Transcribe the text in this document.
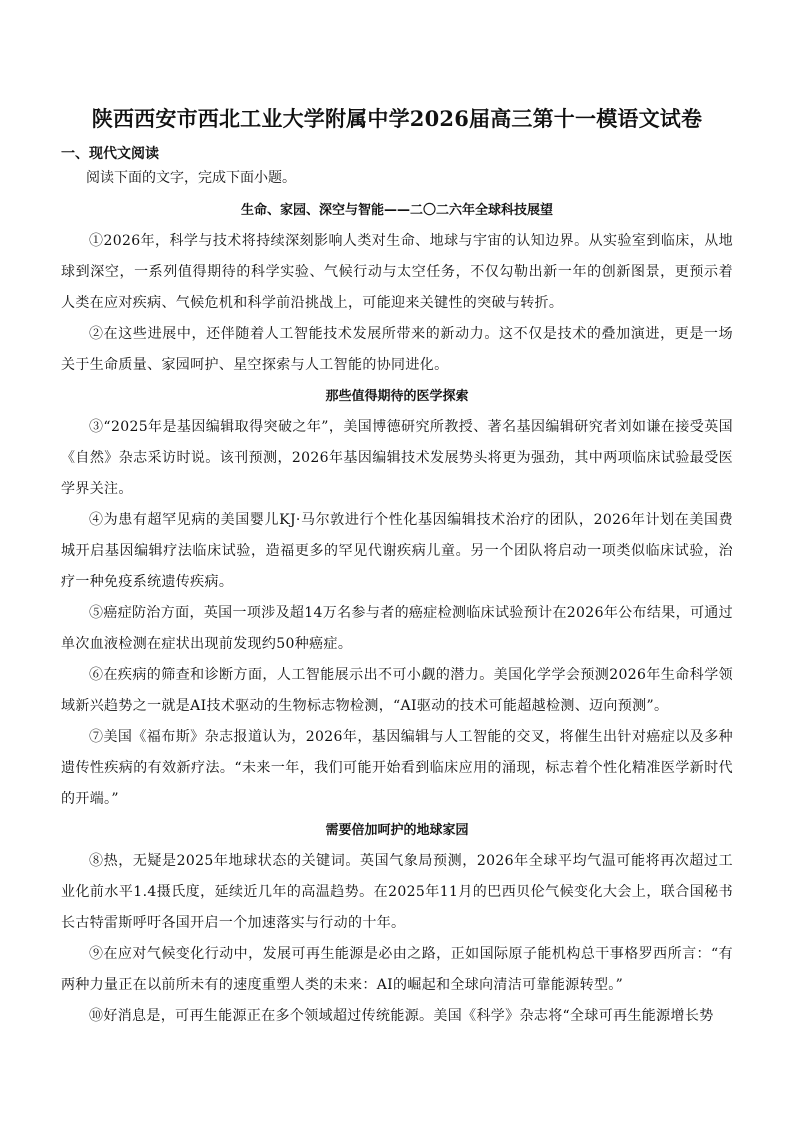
陕西西安市西北工业大学附属中学2026届高三第十一模语文试卷
一、现代文阅读

阅读下面的文字，完成下面小题。

生命、家园、深空与智能——二〇二六年全球科技展望

①2026年，科学与技术将持续深刻影响人类对生命、地球与宇宙的认知边界。从实验室到临床，从地球到深空，一系列值得期待的科学实验、气候行动与太空任务，不仅勾勒出新一年的创新图景，更预示着人类在应对疾病、气候危机和科学前沿挑战上，可能迎来关键性的突破与转折。

②在这些进展中，还伴随着人工智能技术发展所带来的新动力。这不仅是技术的叠加演进，更是一场关于生命质量、家园呵护、星空探索与人工智能的协同进化。

那些值得期待的医学探索

③“2025年是基因编辑取得突破之年”，美国博德研究所教授、著名基因编辑研究者刘如谦在接受英国《自然》杂志采访时说。该刊预测，2026年基因编辑技术发展势头将更为强劲，其中两项临床试验最受医学界关注。

④为患有超罕见病的美国婴儿KJ·马尔敦进行个性化基因编辑技术治疗的团队，2026年计划在美国费城开启基因编辑疗法临床试验，造福更多的罕见代谢疾病儿童。另一个团队将启动一项类似临床试验，治疗一种免疫系统遗传疾病。

⑤癌症防治方面，英国一项涉及超14万名参与者的癌症检测临床试验预计在2026年公布结果，可通过单次血液检测在症状出现前发现约50种癌症。

⑥在疾病的筛查和诊断方面，人工智能展示出不可小觑的潜力。美国化学学会预测2026年生命科学领域新兴趋势之一就是AI技术驱动的生物标志物检测，“AI驱动的技术可能超越检测、迈向预测”。

⑦美国《福布斯》杂志报道认为，2026年，基因编辑与人工智能的交叉，将催生出针对癌症以及多种遗传性疾病的有效新疗法。“未来一年，我们可能开始看到临床应用的涌现，标志着个性化精准医学新时代的开端。”

需要倍加呵护的地球家园

⑧热，无疑是2025年地球状态的关键词。英国气象局预测，2026年全球平均气温可能将再次超过工业化前水平1.4摄氏度，延续近几年的高温趋势。在2025年11月的巴西贝伦气候变化大会上，联合国秘书长古特雷斯呼吁各国开启一个加速落实与行动的十年。

⑨在应对气候变化行动中，发展可再生能源是必由之路，正如国际原子能机构总干事格罗西所言：“有两种力量正在以前所未有的速度重塑人类的未来：AI的崛起和全球向清洁可靠能源转型。”

⑩好消息是，可再生能源正在多个领域超过传统能源。美国《科学》杂志将“全球可再生能源增长势
